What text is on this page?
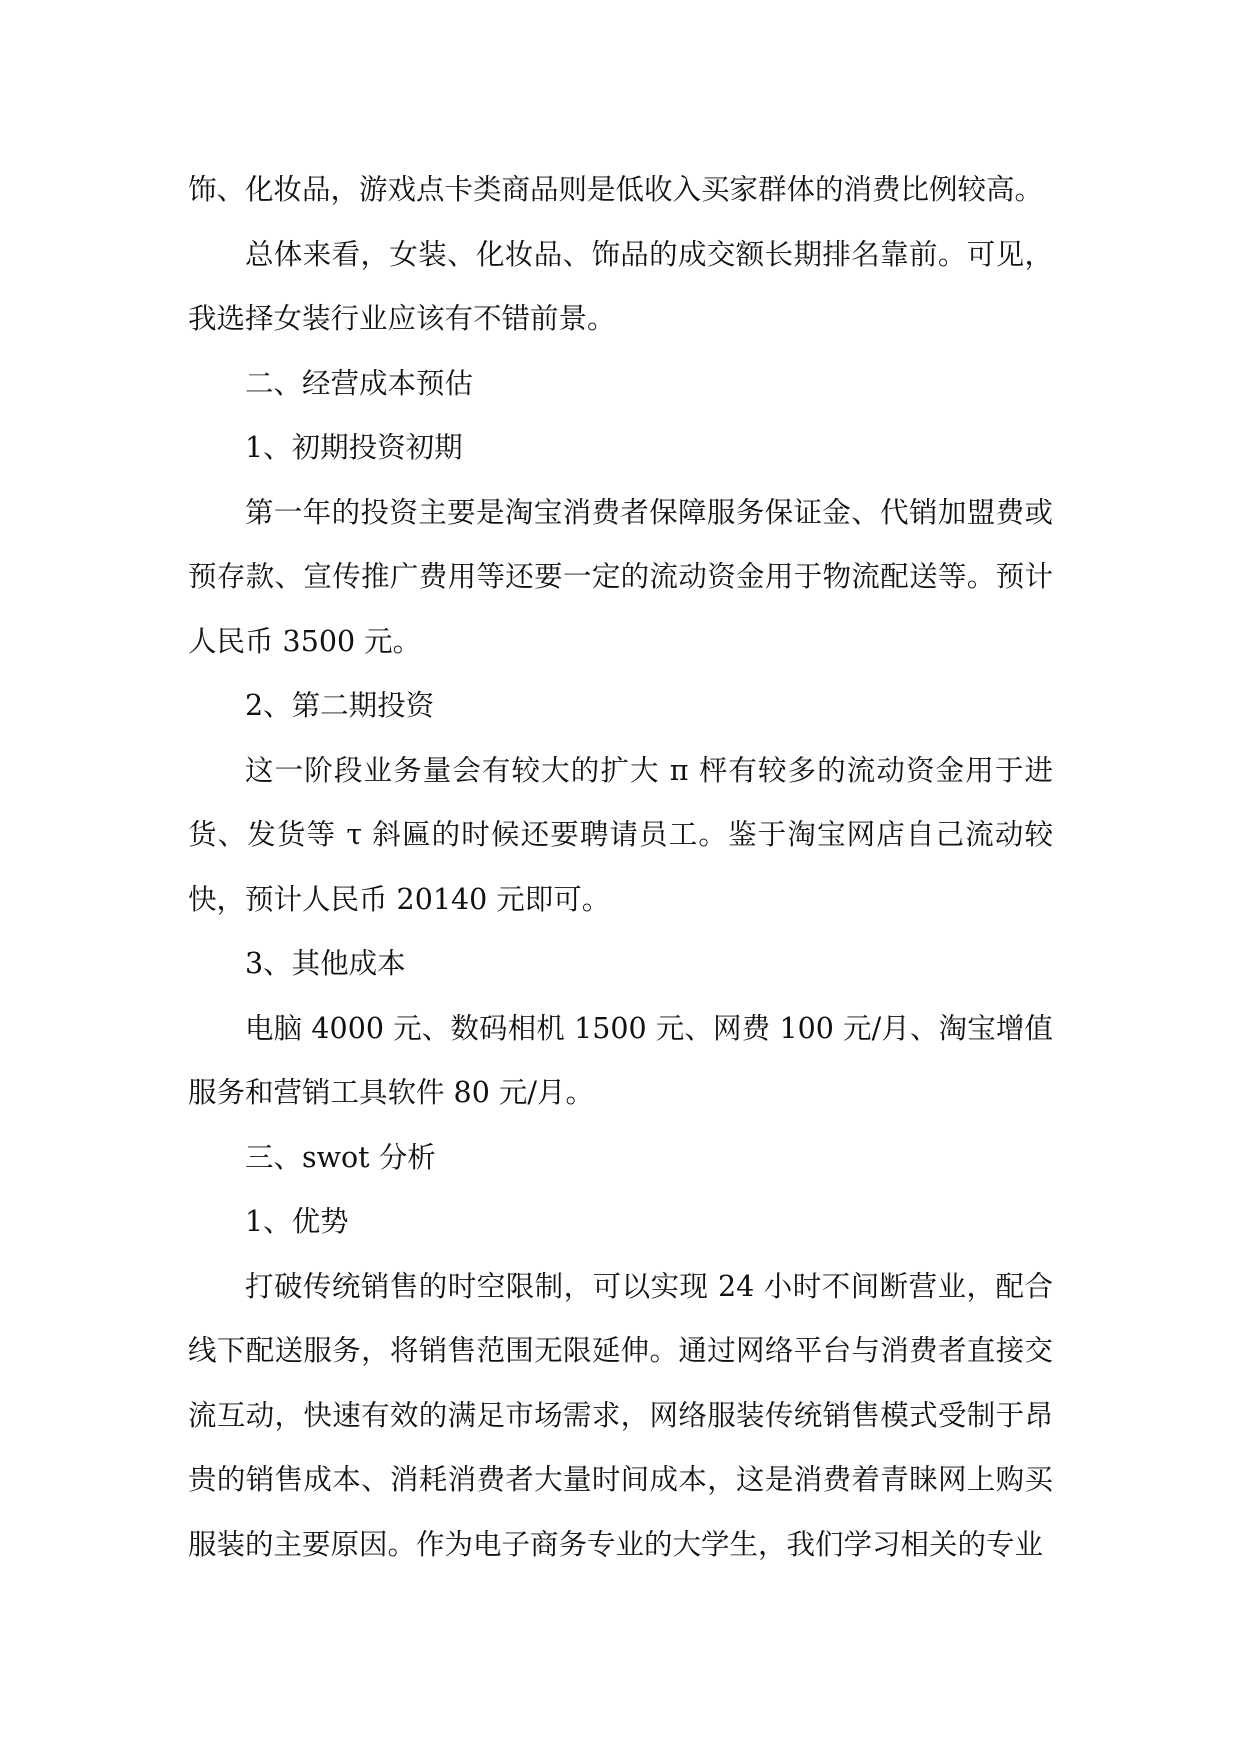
饰、化妆品，游戏点卡类商品则是低收入买家群体的消费比例较高。

总体来看，女装、化妆品、饰品的成交额长期排名靠前。可见，我选择女装行业应该有不错前景。

二、经营成本预估

1、初期投资初期

第一年的投资主要是淘宝消费者保障服务保证金、代销加盟费或预存款、宣传推广费用等还要一定的流动资金用于物流配送等。预计人民币 3500 元。

2、第二期投资

这一阶段业务量会有较大的扩大 π 枰有较多的流动资金用于进货、发货等 τ 斜匾的时候还要聘请员工。鉴于淘宝网店自己流动较快，预计人民币 20140 元即可。

3、其他成本

电脑 4000 元、数码相机 1500 元、网费 100 元/月、淘宝增值服务和营销工具软件 80 元/月。

三、swot 分析

1、优势

打破传统销售的时空限制，可以实现 24 小时不间断营业，配合线下配送服务，将销售范围无限延伸。通过网络平台与消费者直接交流互动，快速有效的满足市场需求，网络服装传统销售模式受制于昂贵的销售成本、消耗消费者大量时间成本，这是消费着青睐网上购买服装的主要原因。作为电子商务专业的大学生，我们学习相关的专业
